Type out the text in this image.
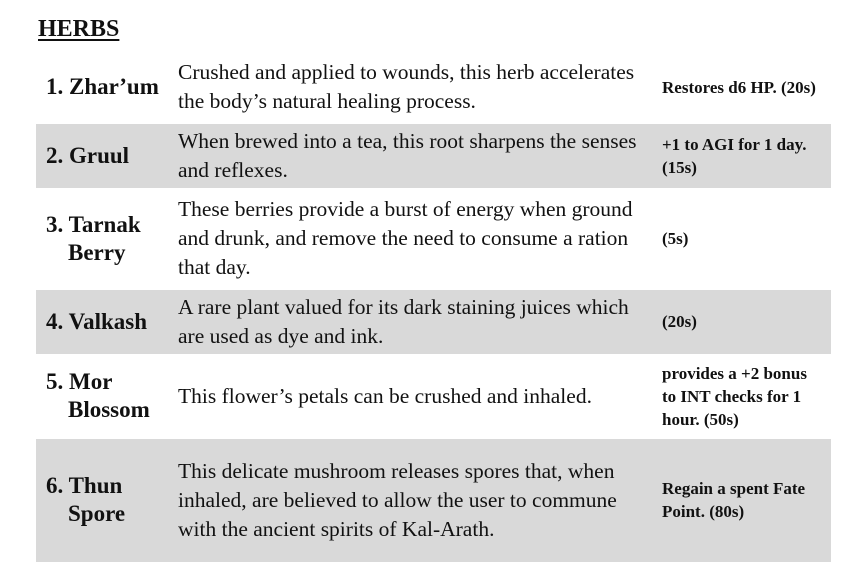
HERBS
1. Zhar’um	Crushed and applied to wounds, this herb accelerates the body’s natural healing process.	Restores d6 HP. (20s)

2. Gruul	When brewed into a tea, this root sharpens the senses and reflexes.	+1 to AGI for 1 day. (15s)

3. Tarnak Berry	These berries provide a burst of energy when ground and drunk, and remove the need to consume a ration that day.	(5s)

4. Valkash	A rare plant valued for its dark staining juices which are used as dye and ink.	(20s)

5. Mor Blossom	This flower’s petals can be crushed and inhaled.	provides a +2 bonus to INT checks for 1 hour. (50s)

6. Thun Spore	This delicate mushroom releases spores that, when inhaled, are believed to allow the user to commune with the ancient spirits of Kal-Arath.	Regain a spent Fate Point. (80s)
